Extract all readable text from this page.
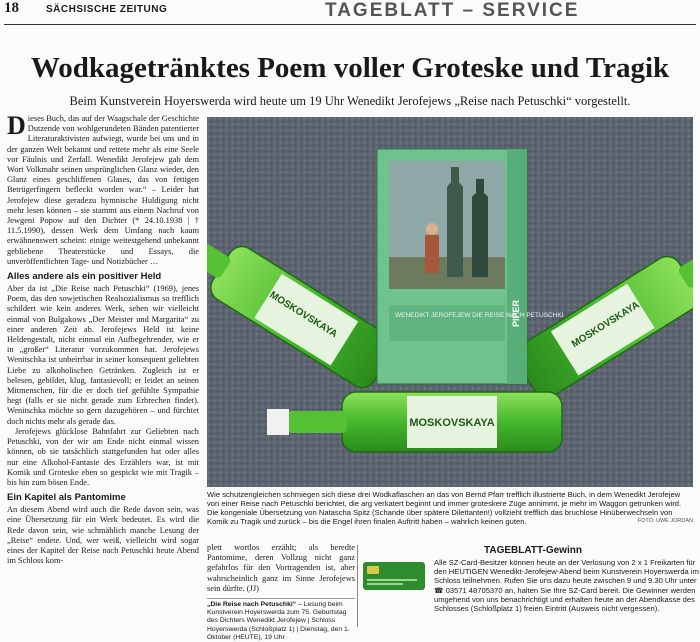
18	SÄCHSISCHE ZEITUNG	TAGEBLATT – SERVICE
Wodkagetränktes Poem voller Groteske und Tragik
Beim Kunstverein Hoyerswerda wird heute um 19 Uhr Wenedikt Jerofejews „Reise nach Petuschki“ vorgestellt.

Dieses Buch, das auf der Waagschale der Geschichte Dutzende von wohlgerundeten Bänden patentierter Literaturaktivisten aufwiegt, wurde bei uns und in der ganzen Welt bekannt und rettete mehr als eine Seele vor Fäulnis und Zerfall. Wenedikt Jerofejew gab dem Wort Volkmahr seinen ursprünglichen Glanz wieder, den Glanz eines geschliffenen Glases, das von fettigen Betrügerfingern befleckt worden war.“ – Leider hat Jerofejew diese geradezu hymnische Huldigung nicht mehr lesen können – sie stammt aus einem Nachruf von Jewgeni Popow auf den Dichter (* 24.10.1938 | † 11.5.1990), dessen Werk dem Umfang nach kaum erwähnenswert scheint: einige weitestgehend unbekannt gebliebene Theaterstücke und Essays, die unveröffentlichten Tage- und Notizbücher …

Alles andere als ein positiver Held

Aber da ist „Die Reise nach Petuschki“ (1969), jenes Poem, das den sowjetischen Realsozialismus so trefflich schildert wie kein anderes Werk, sehen wir vielleicht einmal von Bulgakows „Der Meister und Margarita“ zu einer anderen Zeit ab. Jerofejews Held ist keine Heldengestalt, nicht einmal ein Aufbegehrender, wie er in „großer“ Literatur vorzukommen hat. Jerofejews Wenitschka ist unbeirrbar in seiner konsequent geliebten Liebe zu alkoholischen Getränken. Zugleich ist er belesen, gebildet, klug, fantasievoll; er leidet an seinen Mitmenschen, für die er doch tief gefühlte Sympathie hegt (falls er sie nicht gerade zum Erbrechen findet). Wenitschka möchte so gern dazugehören – und fürchtet doch nichts mehr als gerade das.

Jerofejews glücklose Bahnfahrt zur Geliebten nach Petuschki, von der wir am Ende nicht einmal wissen können, ob sie tatsächlich stattgefunden hat oder alles nur eine Alkohol-Fantasie des Erzählers war, ist mit Komik und Groteske eben so gespickt wie mit Tragik – bis hin zum bösen Ende.

Ein Kapitel als Pantomime

An diesem Abend wird auch die Rede davon sein, was eine Übersetzung für ein Werk bedeutet. Es wird die Rede davon sein, wie schmählich manche Lesung der „Reise“ endete. Und, wer weiß, vielleicht wird sogar eines der Kapitel der Reise nach Petuschki heute Abend im Schloss kom-

MOSKOVSKAYA	MOSKOVSKAYA
MOSKOVSKAYA
WENEDIKT JEROFEJEW DIE REISE NACH PETUSCHKI
PIPER
Wie schutzengleichen schmiegen sich diese drei Wodkaflaschen an das von Bernd Pfarr trefflich illustrierte Buch, in dem Wenedikt Jerofejew von einer Reise nach Petuschki berichtet, die arg verkatert beginnt und immer groteskere Züge annimmt, je mehr im Waggon getrunken wird. Die kongeniale Übersetzung von Natascha Spitz (Schande über spätere Dilettanten!) vollzieht trefflich das bruchlose Hinüberwechseln von Komik zu Tragik und zurück – bis die Engel ihren finalen Auftritt haben – wahrlich keinen guten.	FOTO: UWE JORDAN

plett wortlos erzählt; als beredte Pantomime, deren Vollzug nicht ganz gefahrlos für den Vortragenden ist, aber wahrscheinlich ganz im Sinne Jerofejews sein dürfte. (JJ)

„Die Reise nach Petuschki“ – Lesung beim Kunstverein Hoyerswerda zum 75. Geburtstag des Dichters Wenedikt Jerofejew | Schloss Hoyerswerda (Schloßplatz 1) | Dienstag, den 1. Oktober (HEUTE), 19 Uhr
TAGEBLATT-Gewinn

Alle SZ-Card-Besitzer können heute an der Verlosung von 2 x 1 Freikarten für den HEUTIGEN Wenedikt-Jerofejew-Abend beim Kunstverein Hoyerswerda im Schloss teilnehmen. Rufen Sie uns dazu heute zwischen 9 und 9.30 Uhr unter ☎ 03571 48705370 an, halten Sie Ihre SZ-Card bereit. Die Gewinner werden umgehend von uns benachrichtigt und erhalten heute an der Abendkasse des Schlosses (Schloßplatz 1) freien Eintritt (Ausweis nicht vergessen).
